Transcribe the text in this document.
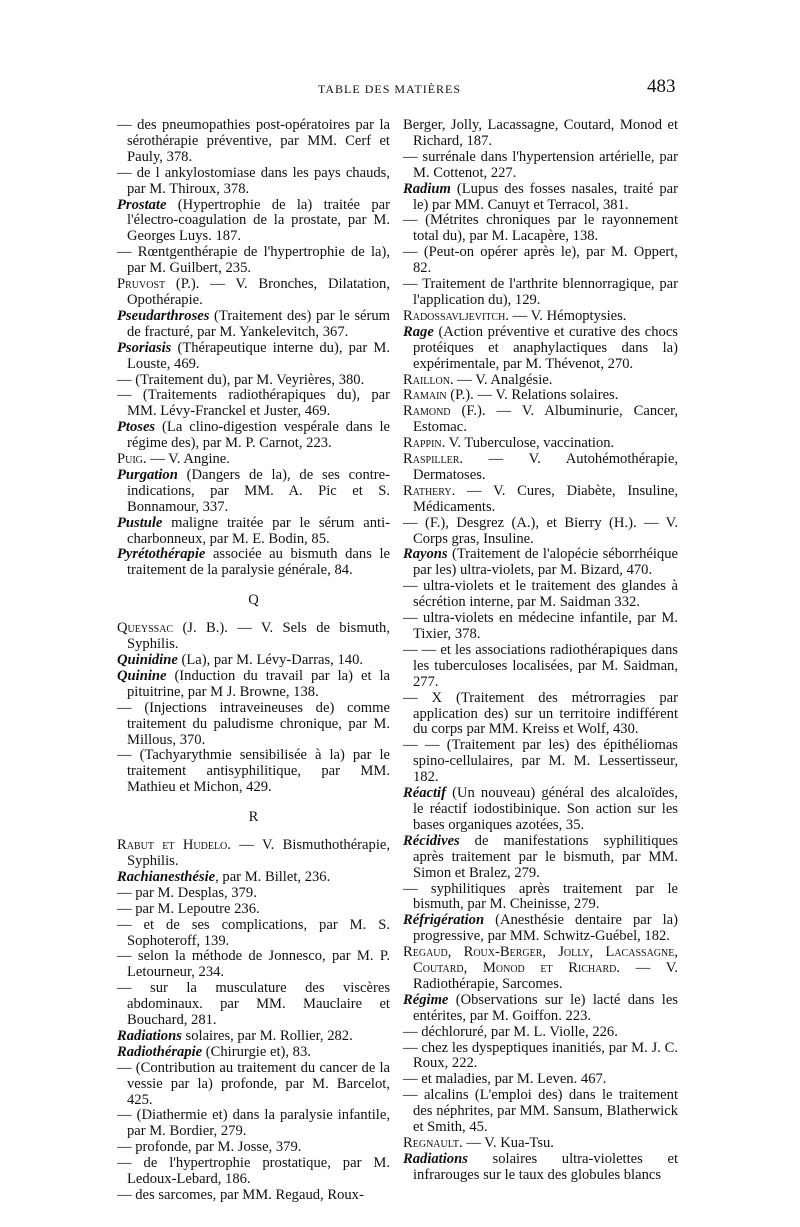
TABLE DES MATIÈRES	483
— des pneumopathies post-opératoires par la sérothérapie préventive, par MM. Cerf et Pauly, 378.
— de l ankylostomiase dans les pays chauds, par M. Thiroux, 378.
Prostate (Hypertrophie de la) traitée par l'électro-coagulation de la prostate, par M. Georges Luys. 187.
— Rœntgenthérapie de l'hypertrophie de la), par M. Guilbert, 235.
Pruvost (P.). — V. Bronches, Dilatation, Opothérapie.
Pseudarthroses (Traitement des) par le sérum de fracturé, par M. Yankelevitch, 367.
Psoriasis (Thérapeutique interne du), par M. Louste, 469.
— (Traitement du), par M. Veyrières, 380.
— (Traitements radiothérapiques du), par MM. Lévy-Franckel et Juster, 469.
Ptoses (La clino-digestion vespérale dans le régime des), par M. P. Carnot, 223.
Puig. — V. Angine.
Purgation (Dangers de la), de ses contre-indications, par MM. A. Pic et S. Bonnamour, 337.
Pustule maligne traitée par le sérum anti-charbonneux, par M. E. Bodin, 85.
Pyrétothérapie associée au bismuth dans le traitement de la paralysie générale, 84.
Q
Queyssac (J. B.). — V. Sels de bismuth, Syphilis.
Quinidine (La), par M. Lévy-Darras, 140.
Quinine (Induction du travail par la) et la pituitrine, par M J. Browne, 138.
— (Injections intraveineuses de) comme traitement du paludisme chronique, par M. Millous, 370.
— (Tachyarythmie sensibilisée à la) par le traitement antisyphilitique, par MM. Mathieu et Michon, 429.
R
Rabut et Hudelo. — V. Bismuthothérapie, Syphilis.
Rachianesthésie, par M. Billet, 236.
— par M. Desplas, 379.
— par M. Lepoutre 236.
— et de ses complications, par M. S. Sophoteroff, 139.
— selon la méthode de Jonnesco, par M. P. Letourneur, 234.
— sur la musculature des viscères abdominaux. par MM. Mauclaire et Bouchard, 281.
Radiations solaires, par M. Rollier, 282.
Radiothérapie (Chirurgie et), 83.
— (Contribution au traitement du cancer de la vessie par la) profonde, par M. Barcelot, 425.
— (Diathermie et) dans la paralysie infantile, par M. Bordier, 279.
— profonde, par M. Josse, 379.
— de l'hypertrophie prostatique, par M. Ledoux-Lebard, 186.
— des sarcomes, par MM. Regaud, Roux-
Berger, Jolly, Lacassagne, Coutard, Monod et Richard, 187.
— surrénale dans l'hypertension artérielle, par M. Cottenot, 227.
Radium (Lupus des fosses nasales, traité par le) par MM. Canuyt et Terracol, 381.
— (Métrites chroniques par le rayonnement total du), par M. Lacapère, 138.
— (Peut-on opérer après le), par M. Oppert, 82.
— Traitement de l'arthrite blennorragique, par l'application du), 129.
Radossavljevitch. — V. Hémoptysies.
Rage (Action préventive et curative des chocs protéiques et anaphylactiques dans la) expérimentale, par M. Thévenot, 270.
Raillon. — V. Analgésie.
Ramain (P.). — V. Relations solaires.
Ramond (F.). — V. Albuminurie, Cancer, Estomac.
Rappin. V. Tuberculose, vaccination.
Raspiller. — V. Autohémothérapie, Dermatoses.
Rathery. — V. Cures, Diabète, Insuline, Médicaments.
— (F.), Desgrez (A.), et Bierry (H.). — V. Corps gras, Insuline.
Rayons (Traitement de l'alopécie séborrhéique par les) ultra-violets, par M. Bizard, 470.
— ultra-violets et le traitement des glandes à sécrétion interne, par M. Saidman 332.
— ultra-violets en médecine infantile, par M. Tixier, 378.
— — et les associations radiothérapiques dans les tuberculoses localisées, par M. Saidman, 277.
— X (Traitement des métrorragies par application des) sur un territoire indifférent du corps par MM. Kreiss et Wolf, 430.
— — (Traitement par les) des épithéliomas spino-cellulaires, par M. M. Lessertisseur, 182.
Réactif (Un nouveau) général des alcaloïdes, le réactif iodostibinique. Son action sur les bases organiques azotées, 35.
Récidives de manifestations syphilitiques après traitement par le bismuth, par MM. Simon et Bralez, 279.
— syphilitiques après traitement par le bismuth, par M. Cheinisse, 279.
Réfrigération (Anesthésie dentaire par la) progressive, par MM. Schwitz-Guébel, 182.
Regaud, Roux-Berger, Jolly, Lacassagne, Coutard, Monod et Richard. — V. Radiothérapie, Sarcomes.
Régime (Observations sur le) lacté dans les entérites, par M. Goiffon. 223.
— déchloruré, par M. L. Violle, 226.
— chez les dyspeptiques inanitiés, par M. J. C. Roux, 222.
— et maladies, par M. Leven. 467.
— alcalins (L'emploi des) dans le traitement des néphrites, par MM. Sansum, Blatherwick et Smith, 45.
Regnault. — V. Kua-Tsu.
Radiations solaires ultra-violettes et infrarouges sur le taux des globules blancs
